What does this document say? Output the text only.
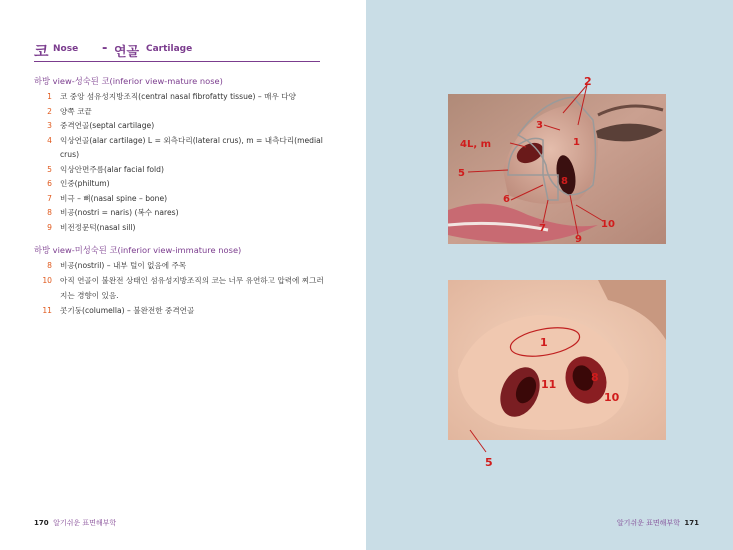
코 Nose - 연골 Cartilage
하방 view-성숙된 코(inferior view-mature nose)
1 코 중앙 섬유성지방조직(central nasal fibrofatty tissue) – 매우 다양
2 양쪽 코끝
3 중격연골(septal cartilage)
4 익상연골(alar cartilage) L = 외측다리(lateral crus), m = 내측다리(medial crus)
5 익상안면주름(alar facial fold)
6 인중(philtum)
7 비극 – 뼈(nasal spine – bone)
8 비공(nostri = naris) (복수 nares)
9 비전정문턱(nasal sill)
하방 view-미성숙된 코(inferior view-immature nose)
8 비공(nostril) – 내부 털이 없음에 주목
10 아직 연골이 불완전 상태인 섬유성지방조직의 코는 너무 유연하고 압력에 찌그러지는 경향이 있음.
11 콧기둥(columella) – 불완전한 중격연골
170 알기쉬운 표면해부학
2
3
1
4L, m
5
8
6
7
9
10
1
8
11
10
5
알기쉬운 표면해부학 171
